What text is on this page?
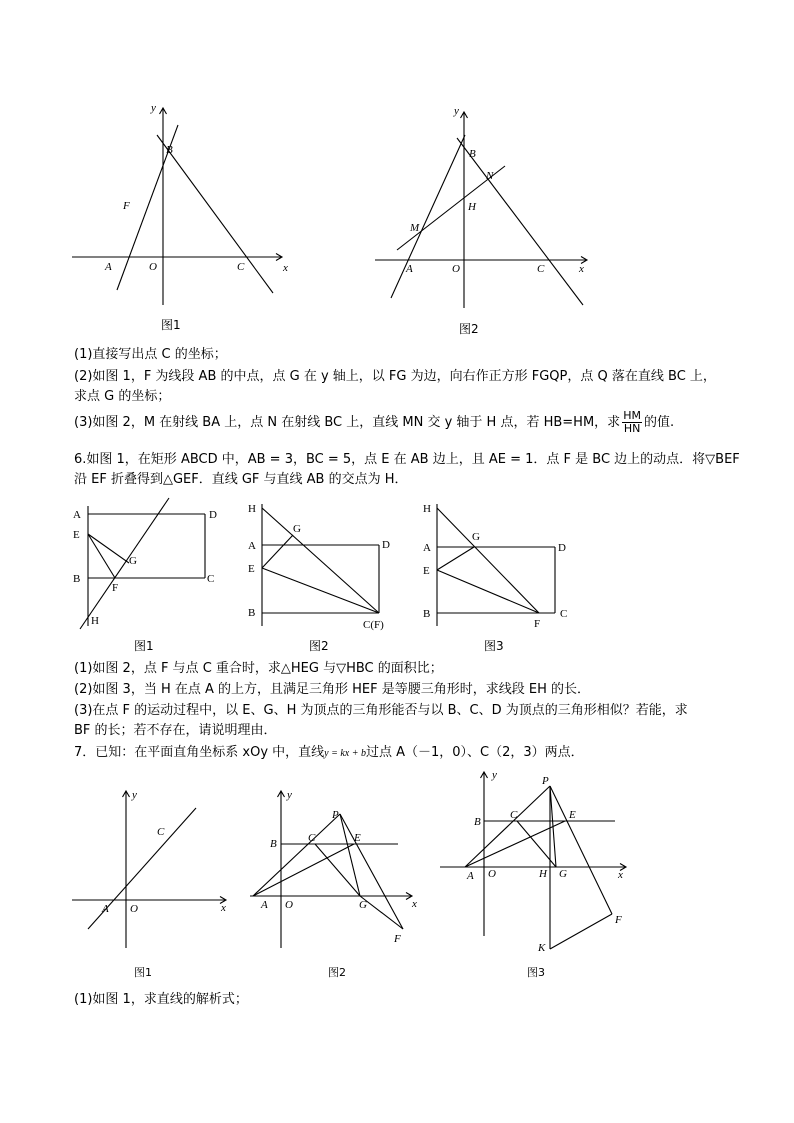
y
x
B
F
A	O	C
图1
y
x
B
N
H
M
A	O	C
图2
(1)直接写出点 C 的坐标；
(2)如图 1，F 为线段 AB 的中点，点 G 在 y 轴上，以 FG 为边，向右作正方形 FGQP，点 Q 落在直线 BC 上，
求点 G 的坐标；
(3)如图 2，M 在射线 BA 上，点 N 在射线 BC 上，直线 MN 交 y 轴于 H 点，若 HB=HM，求 $\frac{HM}{HN}$ 的值.
6.如图 1，在矩形 ABCD 中，AB = 3，BC = 5，点 E 在 AB 边上，且 AE = 1．点 F 是 BC 边上的动点．将▽BEF
沿 EF 折叠得到△GEF．直线 GF 与直线 AB 的交点为 H．
A	D
E
G
B
F
C
H
图1
H
G
A	D
E
B
C(F)
图2
H
G
A	D
E
B
F
C
图3
(1)如图 2，点 F 与点 C 重合时，求△HEG 与▽HBC 的面积比；
(2)如图 3，当 H 在点 A 的上方，且满足三角形 HEF 是等腰三角形时，求线段 EH 的长．
(3)在点 F 的运动过程中，以 E、G、H 为顶点的三角形能否与以 B、C、D 为顶点的三角形相似？若能，求
BF 的长；若不存在，请说明理由．
7．已知：在平面直角坐标系 xOy 中，直线y = kx + b过点 A（－1，0）、C（2，3）两点．
y
x
C
A O
图1
y
x
P
C	E
B
A O	G
F
图2
y
x
P
C	E
B
A O	H G
F
K
图3
(1)如图 1，求直线的解析式；
